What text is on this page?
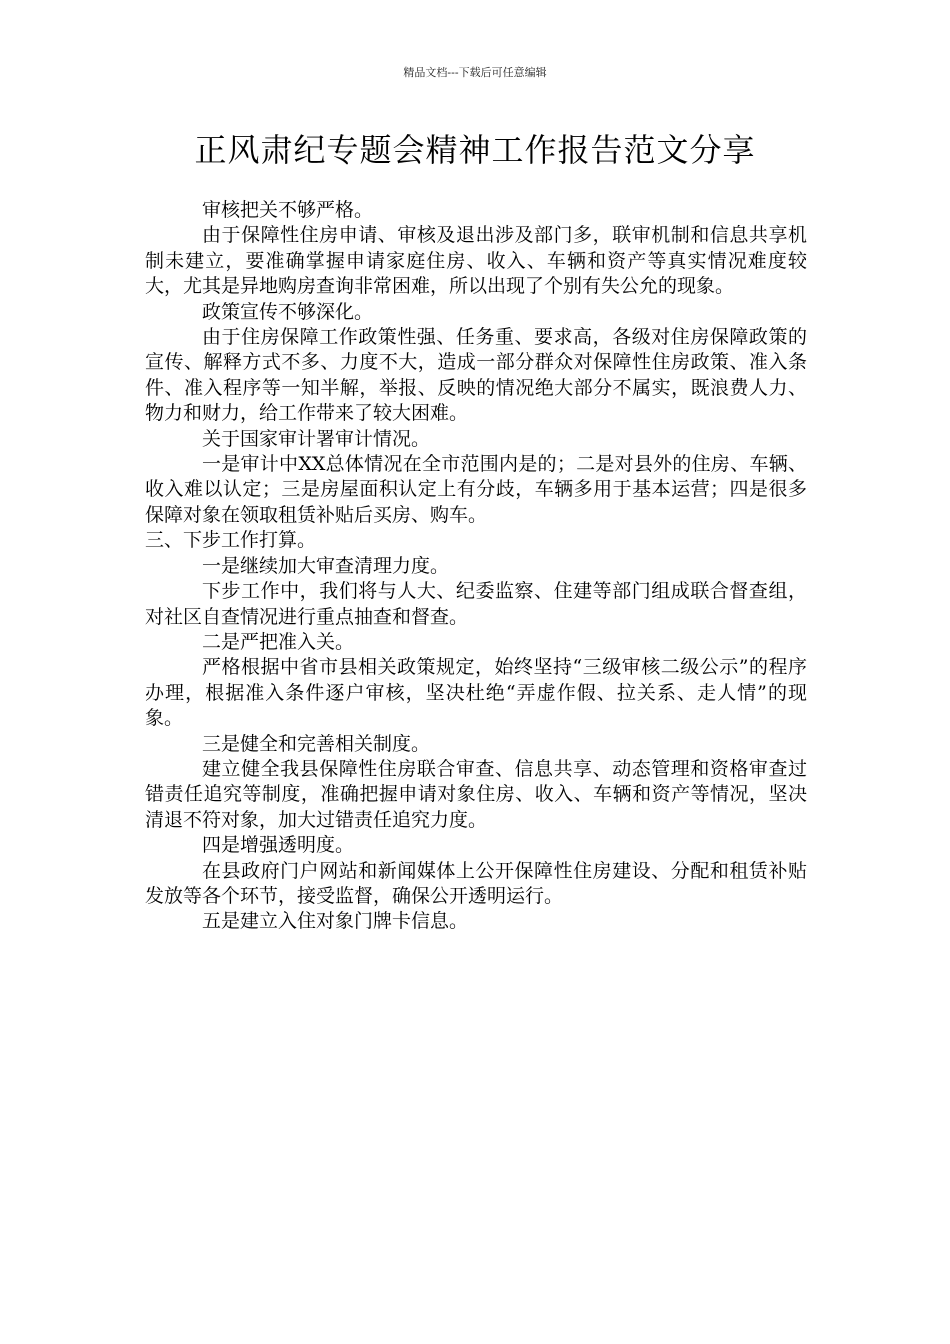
精品文档---下载后可任意编辑
正风肃纪专题会精神工作报告范文分享

审核把关不够严格。

由于保障性住房申请、审核及退出涉及部门多，联审机制和信息共享机制未建立，要准确掌握申请家庭住房、收入、车辆和资产等真实情况难度较大，尤其是异地购房查询非常困难，所以出现了个别有失公允的现象。

政策宣传不够深化。

由于住房保障工作政策性强、任务重、要求高，各级对住房保障政策的宣传、解释方式不多、力度不大，造成一部分群众对保障性住房政策、准入条件、准入程序等一知半解，举报、反映的情况绝大部分不属实，既浪费人力、物力和财力，给工作带来了较大困难。

关于国家审计署审计情况。

一是审计中XX总体情况在全市范围内是的；二是对县外的住房、车辆、收入难以认定；三是房屋面积认定上有分歧，车辆多用于基本运营；四是很多保障对象在领取租赁补贴后买房、购车。

三、下步工作打算。

一是继续加大审查清理力度。

下步工作中，我们将与人大、纪委监察、住建等部门组成联合督查组，对社区自查情况进行重点抽查和督查。

二是严把准入关。

严格根据中省市县相关政策规定，始终坚持“三级审核二级公示”的程序办理，根据准入条件逐户审核，坚决杜绝“弄虚作假、拉关系、走人情”的现象。

三是健全和完善相关制度。

建立健全我县保障性住房联合审查、信息共享、动态管理和资格审查过错责任追究等制度，准确把握申请对象住房、收入、车辆和资产等情况，坚决清退不符对象，加大过错责任追究力度。

四是增强透明度。

在县政府门户网站和新闻媒体上公开保障性住房建设、分配和租赁补贴发放等各个环节，接受监督，确保公开透明运行。

五是建立入住对象门牌卡信息。
